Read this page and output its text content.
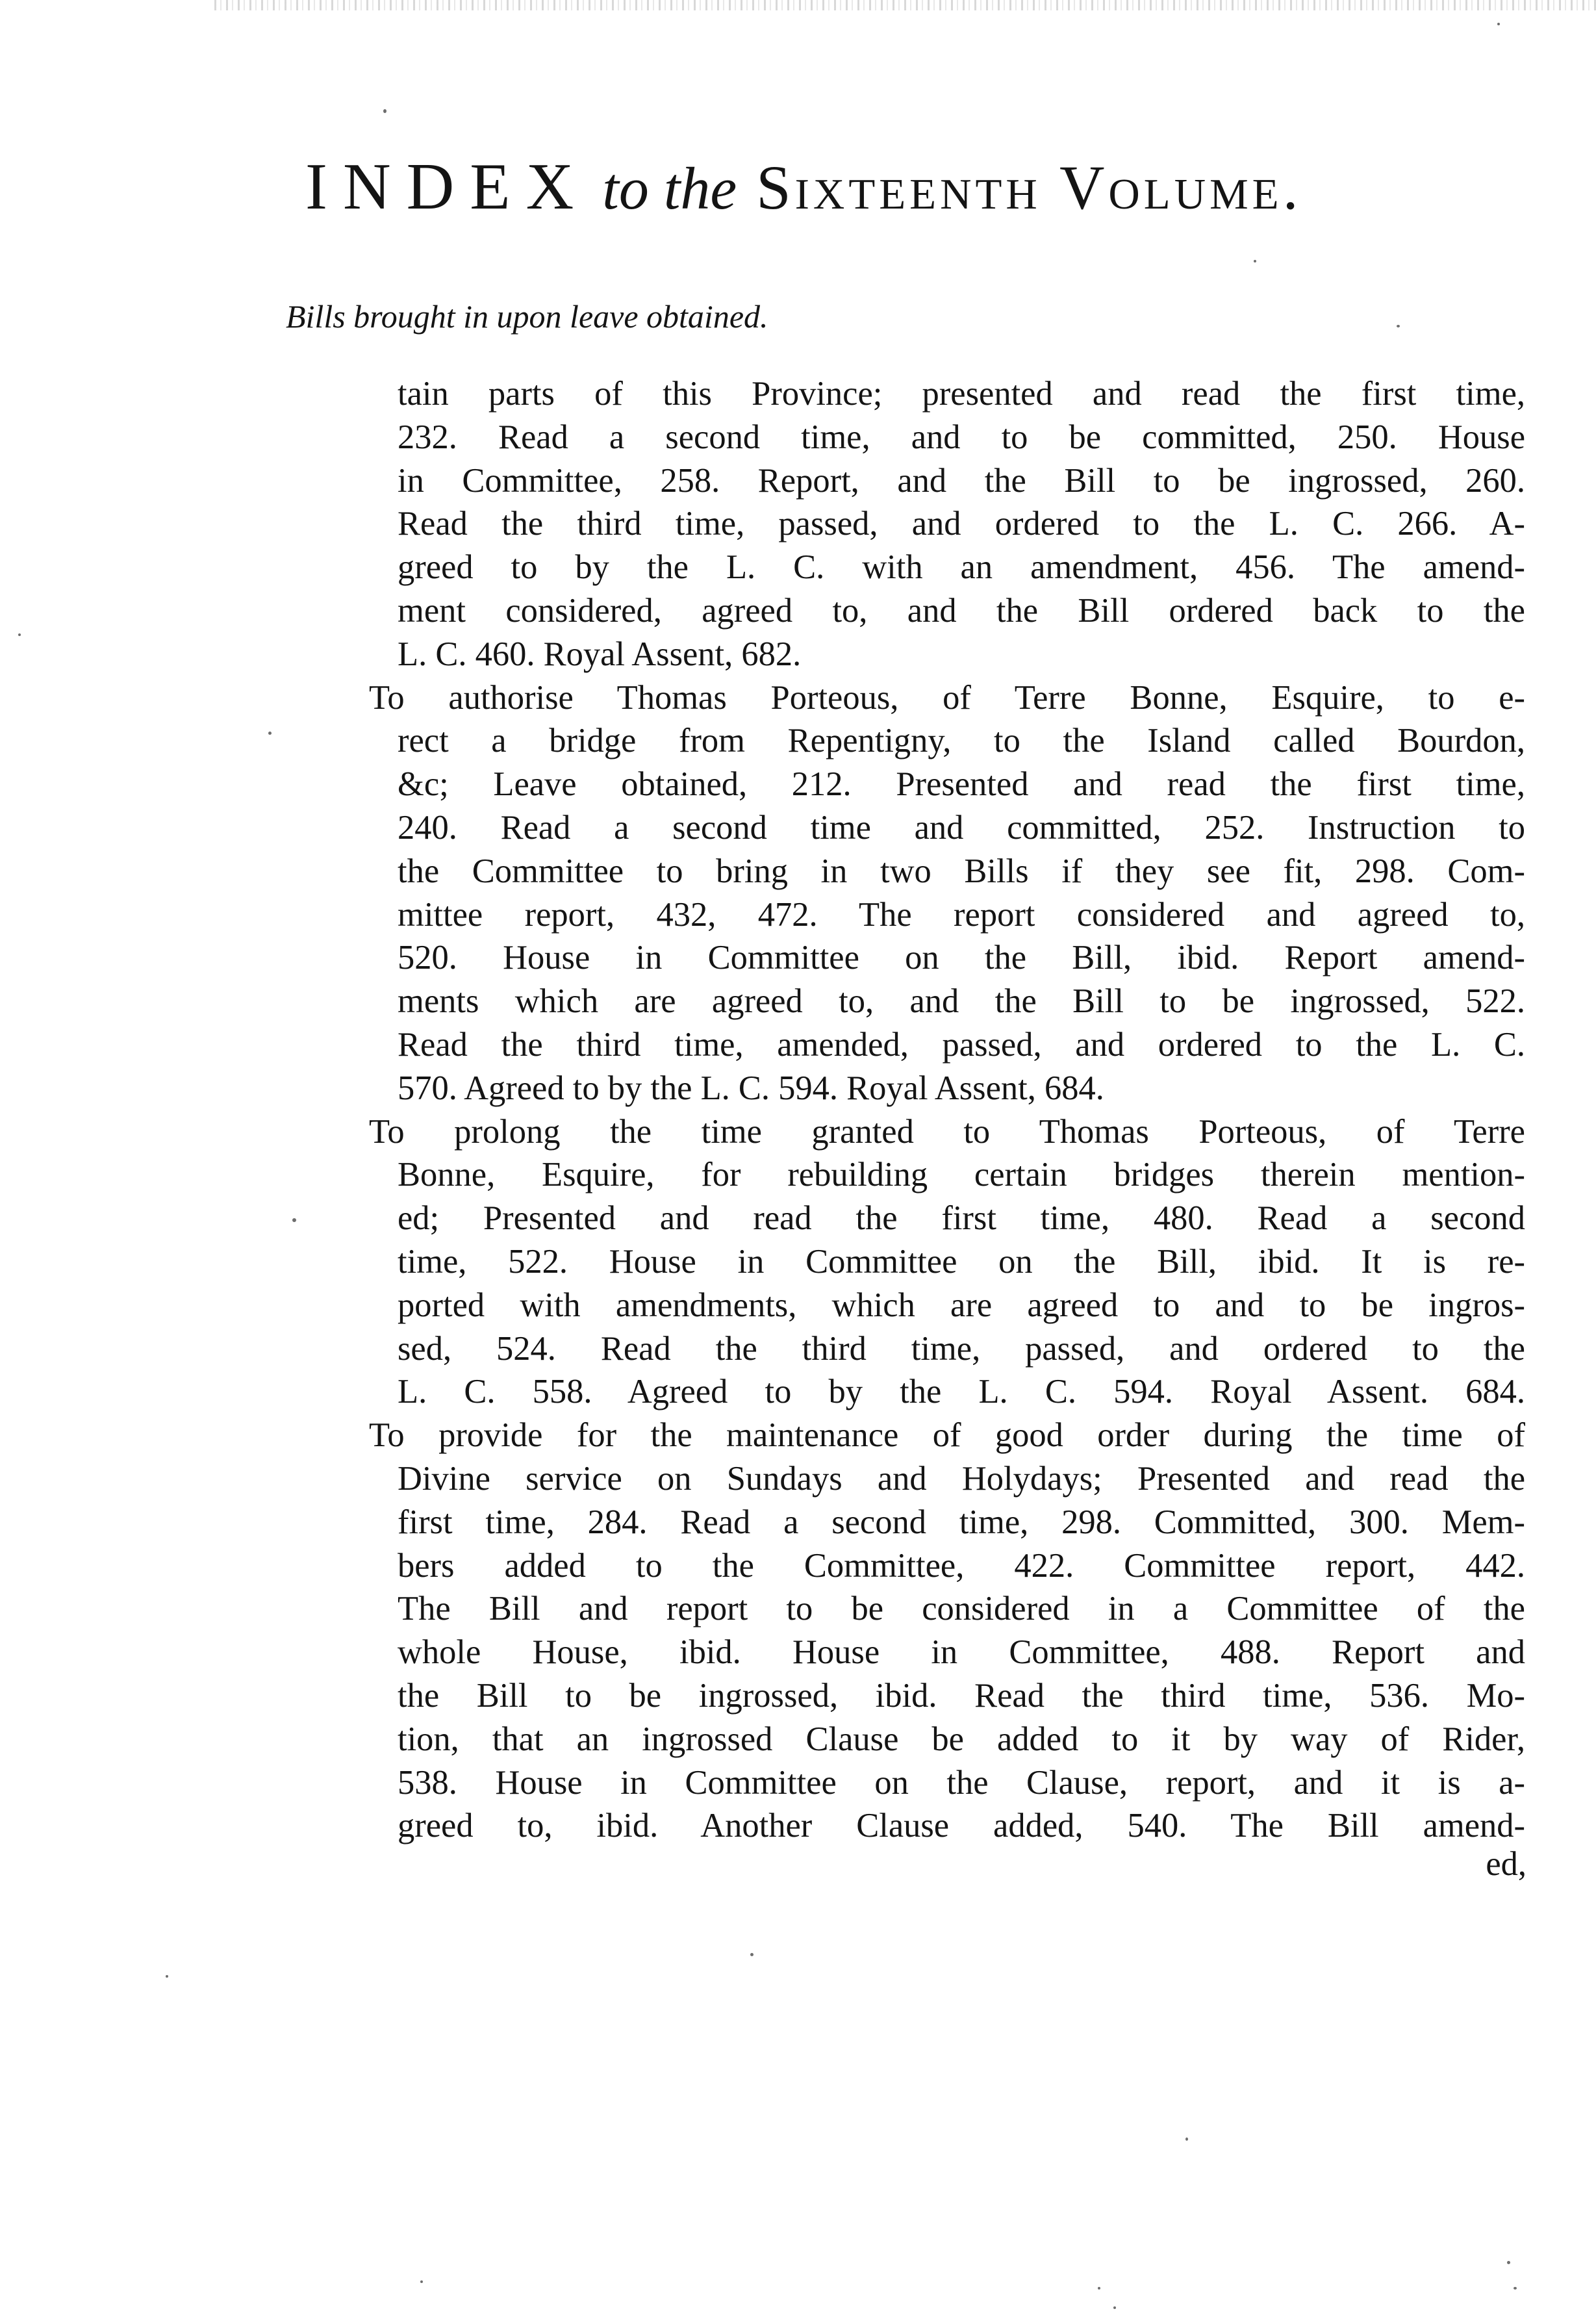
INDEX to the Sixteenth Volume.
Bills brought in upon leave obtained.
tain parts of this Province; presented and read the first time,
232. Read a second time, and to be committed, 250. House
in Committee, 258. Report, and the Bill to be ingrossed, 260.
Read the third time, passed, and ordered to the L. C. 266. A-
greed to by the L. C. with an amendment, 456. The amend-
ment considered, agreed to, and the Bill ordered back to the
L. C. 460. Royal Assent, 682.
To authorise Thomas Porteous, of Terre Bonne, Esquire, to e-
rect a bridge from Repentigny, to the Island called Bourdon,
&c; Leave obtained, 212. Presented and read the first time,
240. Read a second time and committed, 252. Instruction to
the Committee to bring in two Bills if they see fit, 298. Com-
mittee report, 432, 472. The report considered and agreed to,
520. House in Committee on the Bill, ibid. Report amend-
ments which are agreed to, and the Bill to be ingrossed, 522.
Read the third time, amended, passed, and ordered to the L. C.
570. Agreed to by the L. C. 594. Royal Assent, 684.
To prolong the time granted to Thomas Porteous, of Terre
Bonne, Esquire, for rebuilding certain bridges therein mention-
ed; Presented and read the first time, 480. Read a second
time, 522. House in Committee on the Bill, ibid. It is re-
ported with amendments, which are agreed to and to be ingros-
sed, 524. Read the third time, passed, and ordered to the
L. C. 558. Agreed to by the L. C. 594. Royal Assent. 684.
To provide for the maintenance of good order during the time of
Divine service on Sundays and Holydays; Presented and read the
first time, 284. Read a second time, 298. Committed, 300. Mem-
bers added to the Committee, 422. Committee report, 442.
The Bill and report to be considered in a Committee of the
whole House, ibid. House in Committee, 488. Report and
the Bill to be ingrossed, ibid. Read the third time, 536. Mo-
tion, that an ingrossed Clause be added to it by way of Rider,
538. House in Committee on the Clause, report, and it is a-
greed to, ibid. Another Clause added, 540. The Bill amend-
ed,
